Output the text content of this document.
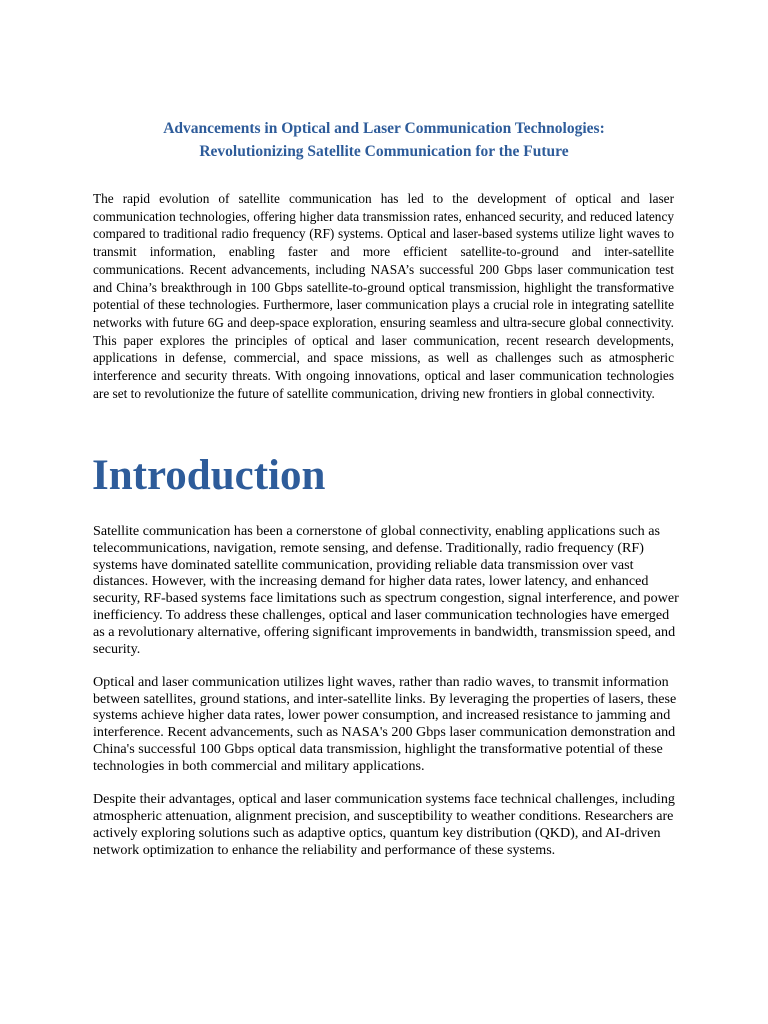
Advancements in Optical and Laser Communication Technologies:
Revolutionizing Satellite Communication for the Future
The rapid evolution of satellite communication has led to the development of optical and laser communication technologies, offering higher data transmission rates, enhanced security, and reduced latency compared to traditional radio frequency (RF) systems. Optical and laser-based systems utilize light waves to transmit information, enabling faster and more efficient satellite-to-ground and inter-satellite communications. Recent advancements, including NASA’s successful 200 Gbps laser communication test and China’s breakthrough in 100 Gbps satellite-to-ground optical transmission, highlight the transformative potential of these technologies. Furthermore, laser communication plays a crucial role in integrating satellite networks with future 6G and deep-space exploration, ensuring seamless and ultra-secure global connectivity. This paper explores the principles of optical and laser communication, recent research developments, applications in defense, commercial, and space missions, as well as challenges such as atmospheric interference and security threats. With ongoing innovations, optical and laser communication technologies are set to revolutionize the future of satellite communication, driving new frontiers in global connectivity.
Introduction

Satellite communication has been a cornerstone of global connectivity, enabling applications such as telecommunications, navigation, remote sensing, and defense. Traditionally, radio frequency (RF) systems have dominated satellite communication, providing reliable data transmission over vast distances. However, with the increasing demand for higher data rates, lower latency, and enhanced security, RF-based systems face limitations such as spectrum congestion, signal interference, and power inefficiency. To address these challenges, optical and laser communication technologies have emerged as a revolutionary alternative, offering significant improvements in bandwidth, transmission speed, and security.

Optical and laser communication utilizes light waves, rather than radio waves, to transmit information between satellites, ground stations, and inter-satellite links. By leveraging the properties of lasers, these systems achieve higher data rates, lower power consumption, and increased resistance to jamming and interference. Recent advancements, such as NASA's 200 Gbps laser communication demonstration and China's successful 100 Gbps optical data transmission, highlight the transformative potential of these technologies in both commercial and military applications.

Despite their advantages, optical and laser communication systems face technical challenges, including atmospheric attenuation, alignment precision, and susceptibility to weather conditions. Researchers are actively exploring solutions such as adaptive optics, quantum key distribution (QKD), and AI-driven network optimization to enhance the reliability and performance of these systems.
